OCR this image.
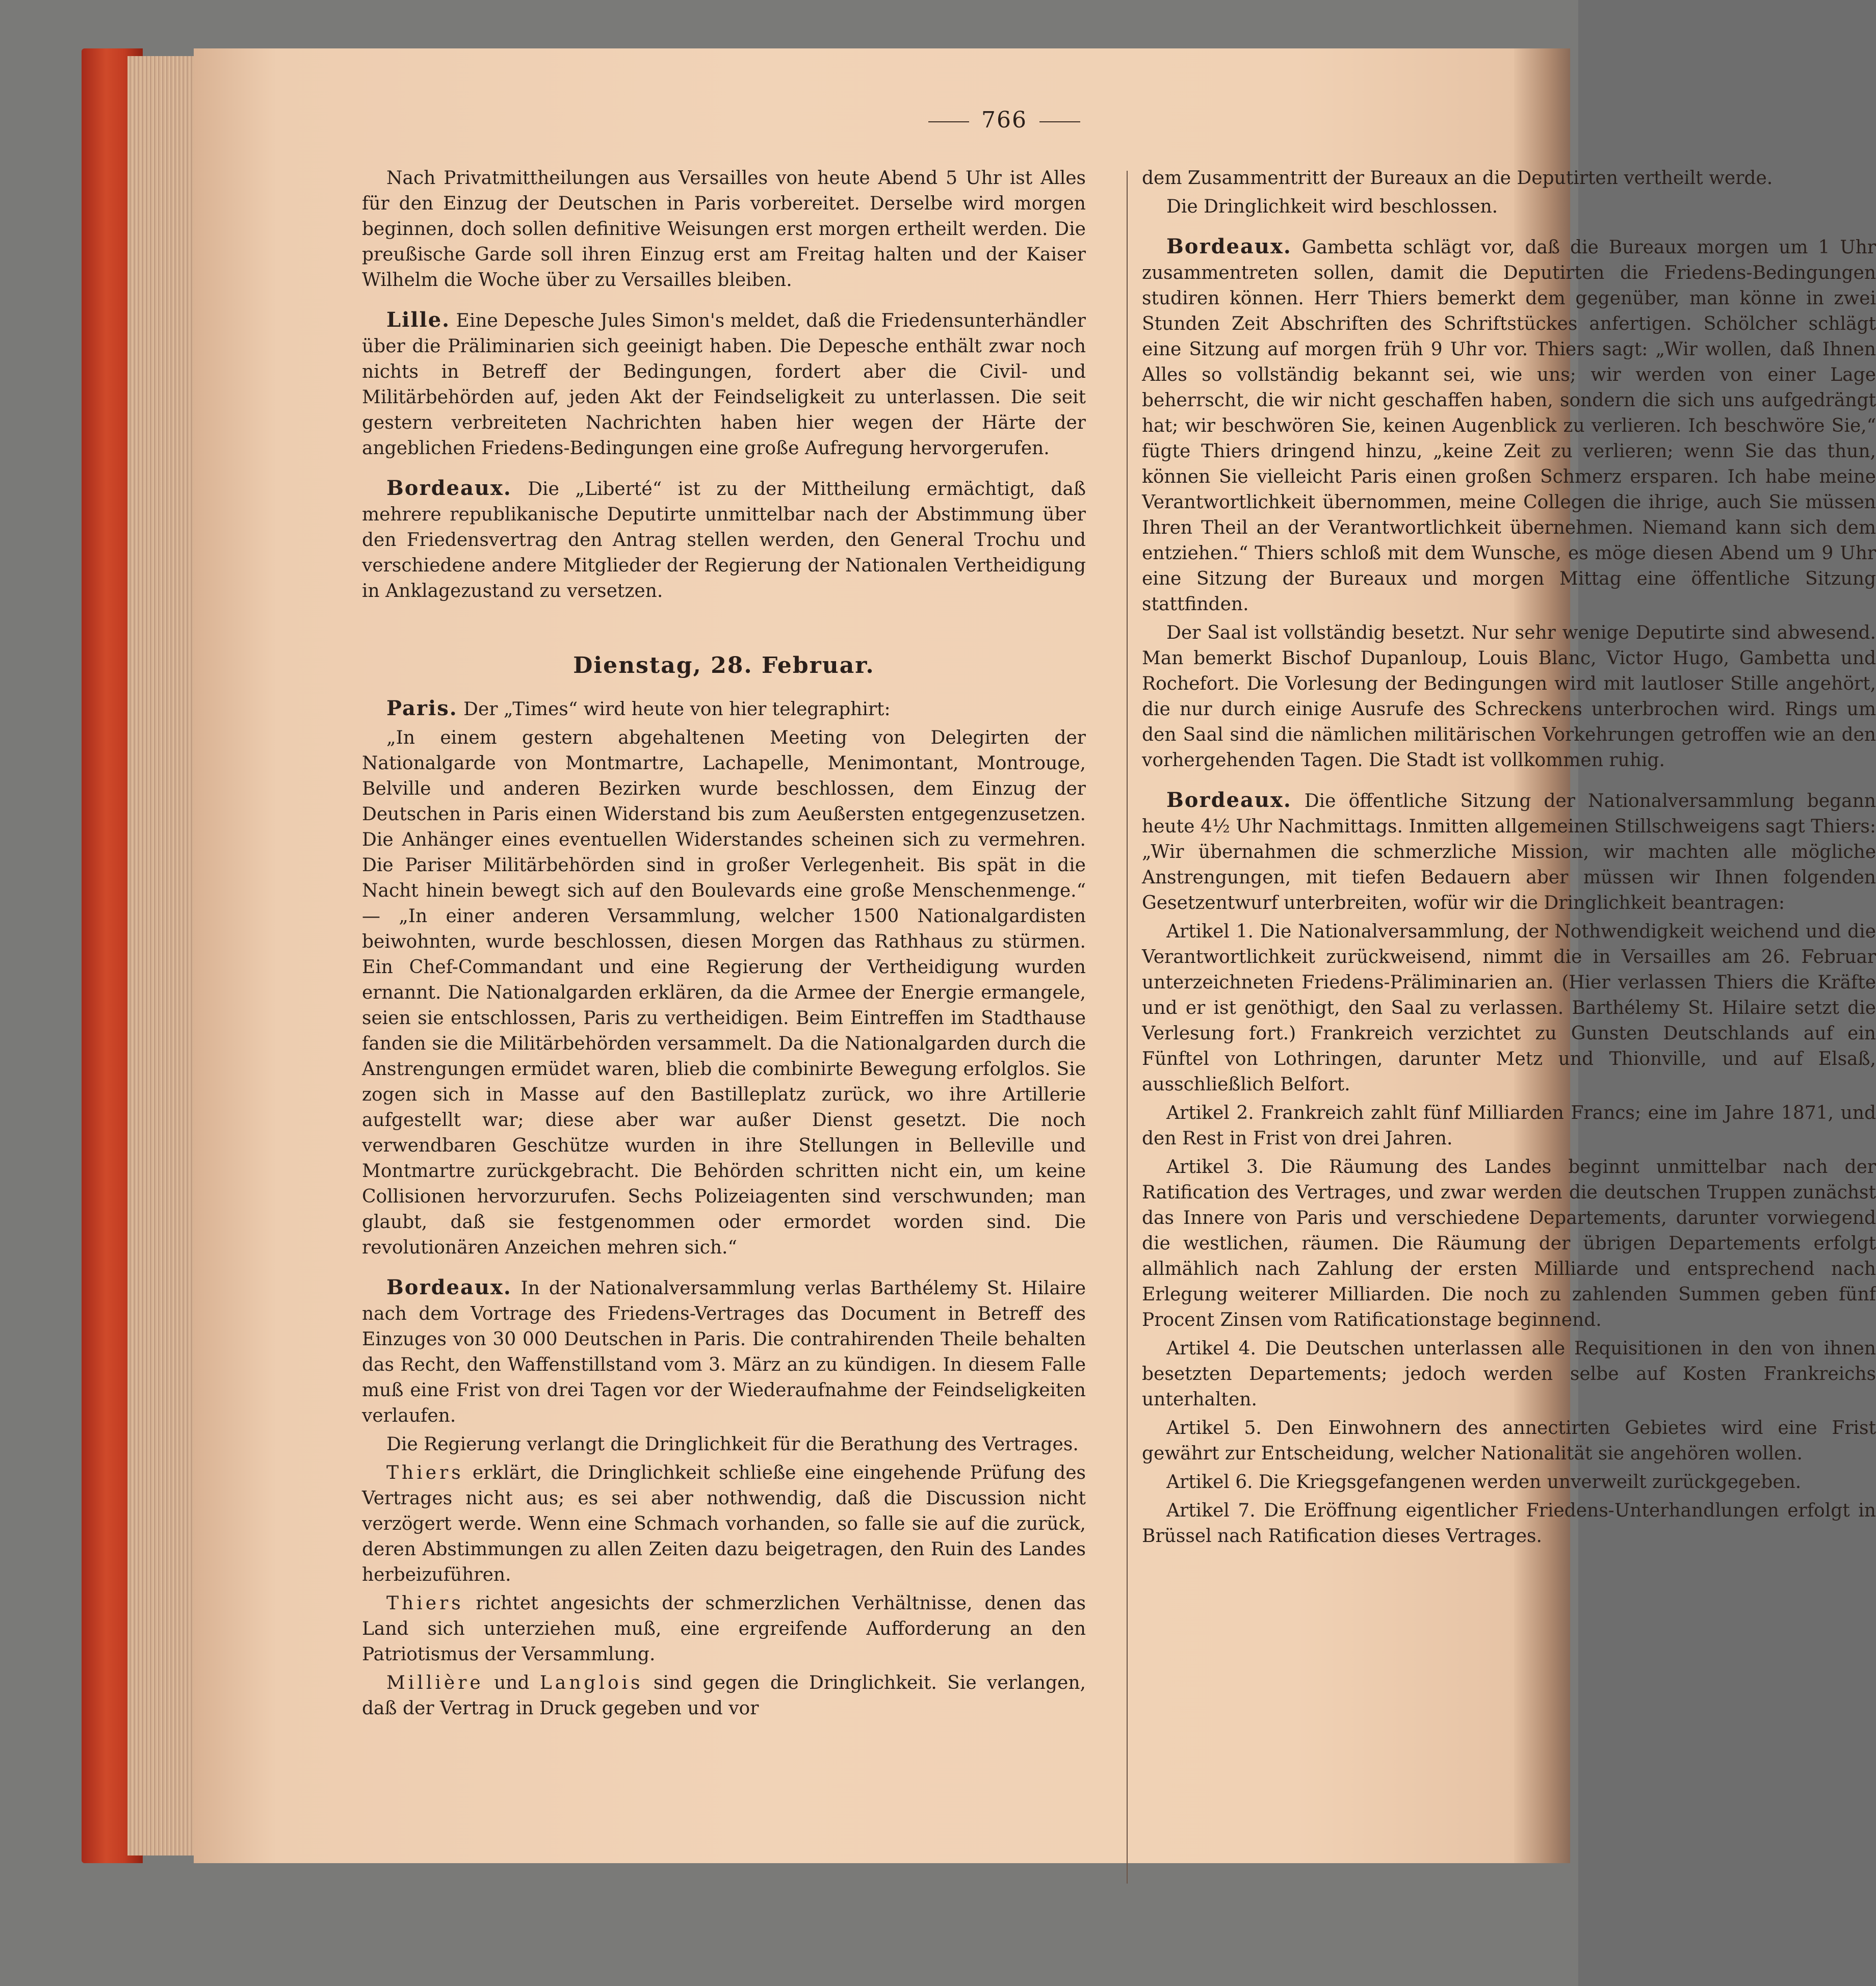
766

Nach Privatmittheilungen aus Versailles von heute Abend 5 Uhr ist Alles für den Einzug der Deutschen in Paris vorbereitet. Derselbe wird morgen beginnen, doch sollen definitive Weisungen erst morgen ertheilt werden. Die preußische Garde soll ihren Einzug erst am Freitag halten und der Kaiser Wilhelm die Woche über zu Versailles bleiben.

Lille. Eine Depesche Jules Simon's meldet, daß die Friedensunterhändler über die Präliminarien sich geeinigt haben. Die Depesche enthält zwar noch nichts in Betreff der Bedingungen, fordert aber die Civil- und Militärbehörden auf, jeden Akt der Feindseligkeit zu unterlassen. Die seit gestern verbreiteten Nachrichten haben hier wegen der Härte der angeblichen Friedens-Bedingungen eine große Aufregung hervorgerufen.

Bordeaux. Die „Liberté“ ist zu der Mittheilung ermächtigt, daß mehrere republikanische Deputirte unmittelbar nach der Abstimmung über den Friedensvertrag den Antrag stellen werden, den General Trochu und verschiedene andere Mitglieder der Regierung der Nationalen Vertheidigung in Anklagezustand zu versetzen.

Dienstag, 28. Februar.

Paris. Der „Times“ wird heute von hier telegraphirt:

„In einem gestern abgehaltenen Meeting von Delegirten der Nationalgarde von Montmartre, Lachapelle, Menimontant, Montrouge, Belville und anderen Bezirken wurde beschlossen, dem Einzug der Deutschen in Paris einen Widerstand bis zum Aeußersten entgegenzusetzen. Die Anhänger eines eventuellen Widerstandes scheinen sich zu vermehren. Die Pariser Militärbehörden sind in großer Verlegenheit. Bis spät in die Nacht hinein bewegt sich auf den Boulevards eine große Menschenmenge.“ — „In einer anderen Versammlung, welcher 1500 Nationalgardisten beiwohnten, wurde beschlossen, diesen Morgen das Rathhaus zu stürmen. Ein Chef-Commandant und eine Regierung der Vertheidigung wurden ernannt. Die Nationalgarden erklären, da die Armee der Energie ermangele, seien sie entschlossen, Paris zu vertheidigen. Beim Eintreffen im Stadthause fanden sie die Militärbehörden versammelt. Da die Nationalgarden durch die Anstrengungen ermüdet waren, blieb die combinirte Bewegung erfolglos. Sie zogen sich in Masse auf den Bastilleplatz zurück, wo ihre Artillerie aufgestellt war; diese aber war außer Dienst gesetzt. Die noch verwendbaren Geschütze wurden in ihre Stellungen in Belleville und Montmartre zurückgebracht. Die Behörden schritten nicht ein, um keine Collisionen hervorzurufen. Sechs Polizeiagenten sind verschwunden; man glaubt, daß sie festgenommen oder ermordet worden sind. Die revolutionären Anzeichen mehren sich.“

Bordeaux. In der Nationalversammlung verlas Barthélemy St. Hilaire nach dem Vortrage des Friedens-Vertrages das Document in Betreff des Einzuges von 30 000 Deutschen in Paris. Die contrahirenden Theile behalten das Recht, den Waffenstillstand vom 3. März an zu kündigen. In diesem Falle muß eine Frist von drei Tagen vor der Wiederaufnahme der Feindseligkeiten verlaufen.

Die Regierung verlangt die Dringlichkeit für die Berathung des Vertrages.

Thiers erklärt, die Dringlichkeit schließe eine eingehende Prüfung des Vertrages nicht aus; es sei aber nothwendig, daß die Discussion nicht verzögert werde. Wenn eine Schmach vorhanden, so falle sie auf die zurück, deren Abstimmungen zu allen Zeiten dazu beigetragen, den Ruin des Landes herbeizuführen.

Thiers richtet angesichts der schmerzlichen Verhältnisse, denen das Land sich unterziehen muß, eine ergreifende Aufforderung an den Patriotismus der Versammlung.

Millière und Langlois sind gegen die Dringlichkeit. Sie verlangen, daß der Vertrag in Druck gegeben und vor

dem Zusammentritt der Bureaux an die Deputirten vertheilt werde.

Die Dringlichkeit wird beschlossen.

Bordeaux. Gambetta schlägt vor, daß die Bureaux morgen um 1 Uhr zusammentreten sollen, damit die Deputirten die Friedens-Bedingungen studiren können. Herr Thiers bemerkt dem gegenüber, man könne in zwei Stunden Zeit Abschriften des Schriftstückes anfertigen. Schölcher schlägt eine Sitzung auf morgen früh 9 Uhr vor. Thiers sagt: „Wir wollen, daß Ihnen Alles so vollständig bekannt sei, wie uns; wir werden von einer Lage beherrscht, die wir nicht geschaffen haben, sondern die sich uns aufgedrängt hat; wir beschwören Sie, keinen Augenblick zu verlieren. Ich beschwöre Sie,“ fügte Thiers dringend hinzu, „keine Zeit zu verlieren; wenn Sie das thun, können Sie vielleicht Paris einen großen Schmerz ersparen. Ich habe meine Verantwortlichkeit übernommen, meine Collegen die ihrige, auch Sie müssen Ihren Theil an der Verantwortlichkeit übernehmen. Niemand kann sich dem entziehen.“ Thiers schloß mit dem Wunsche, es möge diesen Abend um 9 Uhr eine Sitzung der Bureaux und morgen Mittag eine öffentliche Sitzung stattfinden.

Der Saal ist vollständig besetzt. Nur sehr wenige Deputirte sind abwesend. Man bemerkt Bischof Dupanloup, Louis Blanc, Victor Hugo, Gambetta und Rochefort. Die Vorlesung der Bedingungen wird mit lautloser Stille angehört, die nur durch einige Ausrufe des Schreckens unterbrochen wird. Rings um den Saal sind die nämlichen militärischen Vorkehrungen getroffen wie an den vorhergehenden Tagen. Die Stadt ist vollkommen ruhig.

Bordeaux. Die öffentliche Sitzung der Nationalversammlung begann heute 4½ Uhr Nachmittags. Inmitten allgemeinen Stillschweigens sagt Thiers: „Wir übernahmen die schmerzliche Mission, wir machten alle mögliche Anstrengungen, mit tiefen Bedauern aber müssen wir Ihnen folgenden Gesetzentwurf unterbreiten, wofür wir die Dringlichkeit beantragen:

Artikel 1. Die Nationalversammlung, der Nothwendigkeit weichend und die Verantwortlichkeit zurückweisend, nimmt die in Versailles am 26. Februar unterzeichneten Friedens-Präliminarien an. (Hier verlassen Thiers die Kräfte und er ist genöthigt, den Saal zu verlassen. Barthélemy St. Hilaire setzt die Verlesung fort.) Frankreich verzichtet zu Gunsten Deutschlands auf ein Fünftel von Lothringen, darunter Metz und Thionville, und auf Elsaß, ausschließlich Belfort.

Artikel 2. Frankreich zahlt fünf Milliarden Francs; eine im Jahre 1871, und den Rest in Frist von drei Jahren.

Artikel 3. Die Räumung des Landes beginnt unmittelbar nach der Ratification des Vertrages, und zwar werden die deutschen Truppen zunächst das Innere von Paris und verschiedene Departements, darunter vorwiegend die westlichen, räumen. Die Räumung der übrigen Departements erfolgt allmählich nach Zahlung der ersten Milliarde und entsprechend nach Erlegung weiterer Milliarden. Die noch zu zahlenden Summen geben fünf Procent Zinsen vom Ratificationstage beginnend.

Artikel 4. Die Deutschen unterlassen alle Requisitionen in den von ihnen besetzten Departements; jedoch werden selbe auf Kosten Frankreichs unterhalten.

Artikel 5. Den Einwohnern des annectirten Gebietes wird eine Frist gewährt zur Entscheidung, welcher Nationalität sie angehören wollen.

Artikel 6. Die Kriegsgefangenen werden unverweilt zurückgegeben.

Artikel 7. Die Eröffnung eigentlicher Friedens-Unterhandlungen erfolgt in Brüssel nach Ratification dieses Vertrages.
